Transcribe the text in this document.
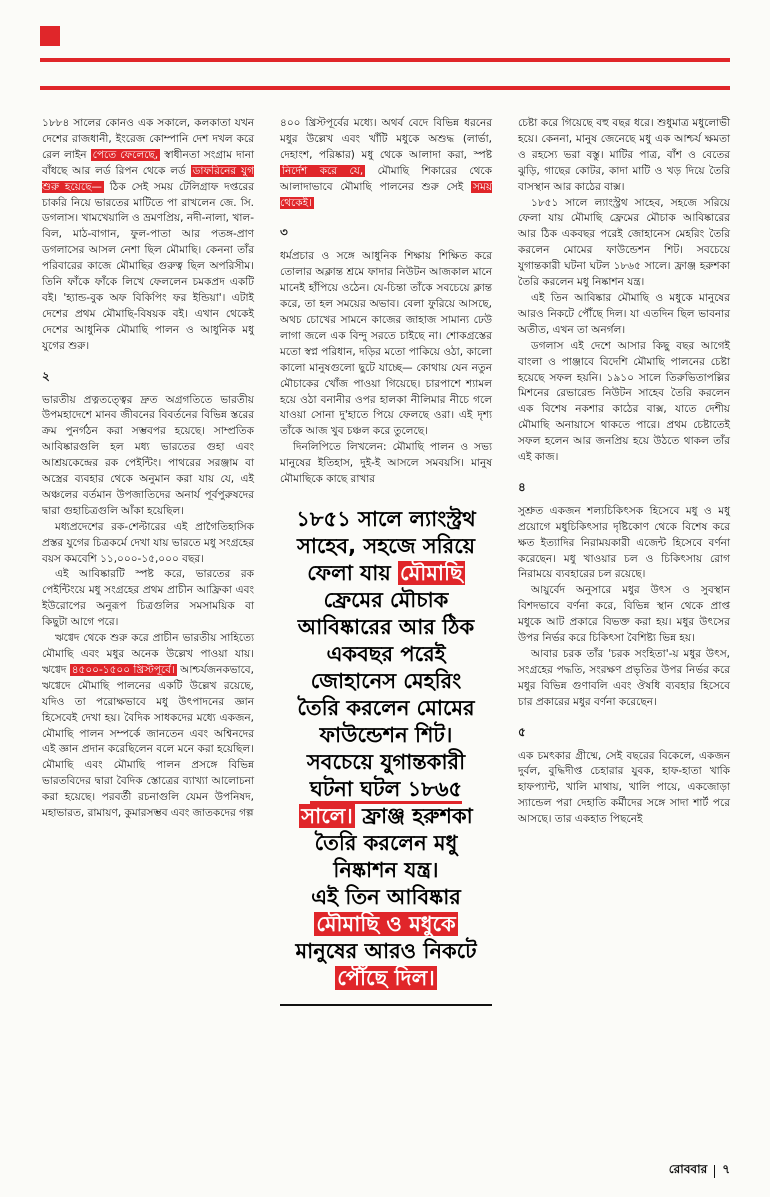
১৮৮৪ সালের কোনও এক সকালে, কলকাতা যখন দেশের রাজধানী, ইংরেজ কোম্পানি দেশ দখল করে রেল লাইন পেতে ফেলেছে, স্বাধীনতা সংগ্রাম দানা বাঁধছে আর লর্ড রিপন থেকে লর্ড ডাফরিনের যুগ শুরু হয়েছে— ঠিক সেই সময় টেলিগ্রাফ দপ্তরের চাকরি নিয়ে ভারতের মাটিতে পা রাখলেন জে. সি. ডগলাস। খামখেয়ালি ও ভ্রমণপ্রিয়, নদী-নালা, খাল-বিল, মাঠ-বাগান, ফুল-পাতা আর পতঙ্গ-প্রাণ ডগলাসের আসল নেশা ছিল মৌমাছি। কেননা তাঁর পরিবারের কাজে মৌমাছির গুরুত্ব ছিল অপরিসীম। তিনি ফাঁকে ফাঁকে লিখে ফেললেন চমকপ্রদ একটি বই। 'হ্যান্ড-বুক অফ বিকিপিং ফর ইন্ডিয়া'। এটাই দেশের প্রথম মৌমাছি-বিষয়ক বই। এখান থেকেই দেশের আধুনিক মৌমাছি পালন ও আধুনিক মধু যুগের শুরু।

২

ভারতীয় প্রত্নতত্ত্বের দ্রুত অগ্রগতিতে ভারতীয় উপমহাদেশে মানব জীবনের বিবর্তনের বিভিন্ন স্তরের ক্রম পুনর্গঠন করা সম্ভবপর হয়েছে। সাম্প্রতিক আবিষ্কারগুলি হল মধ্য ভারতের গুহা এবং আশ্রয়কেন্দ্রের রক পেইন্টিং। পাথরের সরঞ্জাম বা অস্ত্রের ব্যবহার থেকে অনুমান করা যায় যে, এই অঞ্চলের বর্তমান উপজাতিদের অনার্য পূর্বপুরুষদের দ্বারা গুহাচিত্রগুলি আঁকা হয়েছিল।

মধ্যপ্রদেশের রক-শেল্টারের এই প্রাগৈতিহাসিক প্রস্তর যুগের চিত্রকর্মে দেখা যায় ভারতে মধু সংগ্রহের বয়স কমবেশি ১১,০০০-১৫,০০০ বছর।

এই আবিষ্কারটি স্পষ্ট করে, ভারতের রক পেইন্টিংয়ে মধু সংগ্রহের প্রথম প্রাচীন আফ্রিকা এবং ইউরোপের অনুরূপ চিত্রগুলির সমসাময়িক বা কিছুটা আগে পরে।

ঋগ্বেদ থেকে শুরু করে প্রাচীন ভারতীয় সাহিত্যে মৌমাছি এবং মধুর অনেক উল্লেখ পাওয়া যায়। ঋগ্বেদ ৪৫০০-১৫০০ খ্রিস্টপূর্বে। আশ্চর্যজনকভাবে, ঋগ্বেদে মৌমাছি পালনের একটি উল্লেখ রয়েছে, যদিও তা পরোক্ষভাবে মধু উৎপাদনের জ্ঞান হিসেবেই দেখা হয়। বৈদিক সাধকদের মধ্যে একজন, মৌমাছি পালন সম্পর্কে জানতেন এবং অশ্বিনদের এই জ্ঞান প্রদান করেছিলেন বলে মনে করা হয়েছিল। মৌমাছি এবং মৌমাছি পালন প্রসঙ্গে বিভিন্ন ভারতবিদের দ্বারা বৈদিক স্তোত্রের ব্যাখ্যা আলোচনা করা হয়েছে। পরবর্তী রচনাগুলি যেমন উপনিষদ, মহাভারত, রামায়ণ, কুমারসম্ভব এবং জাতকদের গল্প

৪০০ খ্রিস্টপূর্বের মধ্যে। অথর্ব বেদে বিভিন্ন ধরনের মধুর উল্লেখ এবং খাঁটি মধুকে অশুদ্ধ (লার্ভা, দেহাংশ, পরিষ্কার) মধু থেকে আলাদা করা, স্পষ্ট নির্দেশ করে যে, মৌমাছি শিকারের থেকে আলাদাভাবে মৌমাছি পালনের শুরু সেই সময় থেকেই।

৩

ধর্মপ্রচার ও সঙ্গে আধুনিক শিক্ষায় শিক্ষিত করে তোলার অক্লান্ত শ্রমে ফাদার নিউটন আজকাল মানে মানেই হাঁপিয়ে ওঠেন। যে-চিন্তা তাঁকে সবচেয়ে ক্লান্ত করে, তা হল সময়ের অভাব। বেলা ফুরিয়ে আসছে, অথচ চোখের সামনে কাজের জাহাজ সামান্য ঢেউ লাগা জলে এক বিন্দু সরতে চাইছে না। শোকগ্রস্তের মতো স্বপ্ন পরিধান, দড়ির মতো পাকিয়ে ওঠা, কালো কালো মানুষগুলো ছুটে যাচ্ছে— কোথায় যেন নতুন মৌচাকের খোঁজ পাওয়া গিয়েছে। চারপাশে শ্যামল হয়ে ওঠা বনানীর ওপর হালকা নীলিমার নীচে গলে যাওয়া সোনা দু'হাতে পিয়ে ফেলছে ওরা। এই দৃশ্য তাঁকে আজ খুব চঞ্চল করে তুলেছে।

দিনলিপিতে লিখলেন: মৌমাছি পালন ও সভ্য মানুষের ইতিহাস, দুই-ই আসলে সমবয়সি। মানুষ মৌমাছিকে কাছে রাখার

১৮৫১ সালে ল্যাংস্ট্রথ
সাহেব, সহজে সরিয়ে
ফেলা যায় মৌমাছি
ফ্রেমের মৌচাক
আবিষ্কারের আর ঠিক
একবছর পরেই
জোহানেস মেহরিং
তৈরি করলেন মোমের
ফাউন্ডেশন শিট।
সবচেয়ে যুগান্তকারী
ঘটনা ঘটল ১৮৬৫
সালে। ফ্রাঞ্জ হরুশকা
তৈরি করলেন মধু
নিষ্কাশন যন্ত্র।
এই তিন আবিষ্কার
মৌমাছি ও মধুকে
মানুষের আরও নিকটে
পৌঁছে দিল।

চেষ্টা করে গিয়েছে বহু বছর ধরে। শুধুমাত্র মধুলোভী হয়ে। কেননা, মানুষ জেনেছে মধু এক আশ্চর্য ক্ষমতা ও রহস্যে ভরা বস্তু। মাটির পাত্র, বাঁশ ও বেতের ঝুড়ি, গাছের কোটর, কাদা মাটি ও খড় দিয়ে তৈরি বাসস্থান আর কাঠের বাক্স।

১৮৫১ সালে ল্যাংস্ট্রথ সাহেব, সহজে সরিয়ে ফেলা যায় মৌমাছি ফ্রেমের মৌচাক আবিষ্কারের আর ঠিক একবছর পরেই জোহানেস মেহরিং তৈরি করলেন মোমের ফাউন্ডেশন শিট। সবচেয়ে যুগান্তকারী ঘটনা ঘটল ১৮৬৫ সালে। ফ্রাঞ্জ হরুশকা তৈরি করলেন মধু নিষ্কাশন যন্ত্র।

এই তিন আবিষ্কার মৌমাছি ও মধুকে মানুষের আরও নিকটে পৌঁছে দিল। যা এতদিন ছিল ভাবনার অতীত, এখন তা অনর্গল।

ডগলাস এই দেশে আসার কিছু বছর আগেই বাংলা ও পাঞ্জাবে বিদেশি মৌমাছি পালনের চেষ্টা হয়েছে সফল হয়নি। ১৯১০ সালে তিরুভিতাপল্লির মিশনের রেভারেন্ড নিউটন সাহেব তৈরি করলেন এক বিশেষ নকশার কাঠের বাক্স, যাতে দেশীয় মৌমাছি অনায়াসে থাকতে পারে। প্রথম চেষ্টাতেই সফল হলেন আর জনপ্রিয় হয়ে উঠতে থাকল তাঁর এই কাজ।

৪

সুশ্রুত একজন শল্যচিকিৎসক হিসেবে মধু ও মধু প্রয়োগে মধুচিকিৎসার দৃষ্টিকোণ থেকে বিশেষ করে ক্ষত ইত্যাদির নিরাময়কারী এজেন্ট হিসেবে বর্ণনা করেছেন। মধু খাওয়ার চল ও চিকিৎসায় রোগ নিরাময়ে ব্যবহারের চল রয়েছে।

আয়ুর্বেদ অনুসারে মধুর উৎস ও সুবস্থান বিশদভাবে বর্ণনা করে, বিভিন্ন স্থান থেকে প্রাপ্ত মধুকে আট প্রকারে বিভক্ত করা হয়। মধুর উৎসের উপর নির্ভর করে চিকিৎসা বৈশিষ্ট্য ভিন্ন হয়।

আবার চরক তাঁর 'চরক সংহিতা'-য় মধুর উৎস, সংগ্রহের পদ্ধতি, সংরক্ষণ প্রভৃতির উপর নির্ভর করে মধুর বিভিন্ন গুণাবলি এবং ঔষধি ব্যবহার হিসেবে চার প্রকারের মধুর বর্ণনা করেছেন।

৫

এক চমৎকার গ্রীষ্মে, সেই বছরের বিকেলে, একজন দুর্বল, বুদ্ধিদীপ্ত চেহারার যুবক, হাফ-হাতা খাকি হাফপ্যান্ট, খালি মাথায়, খালি পায়ে, একজোড়া স্যান্ডেল পরা দেহাতি কর্মীদের সঙ্গে সাদা শার্ট পরে আসছে। তার একহাত পিছনেই

রোববার ৭
